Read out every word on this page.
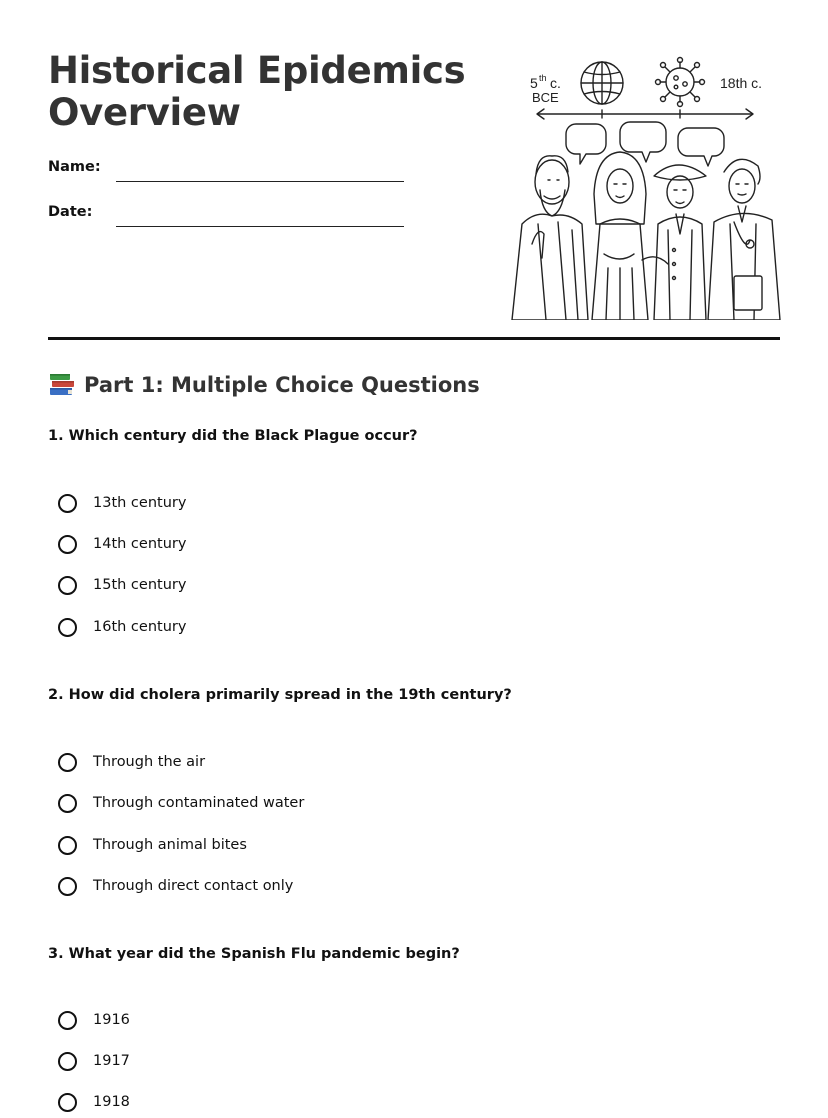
Historical Epidemics
Overview
Name:
Date:
5 th c.
BCE
18th c.
Part 1: Multiple Choice Questions

1. Which century did the Black Plague occur?

13th century
14th century
15th century
16th century

2. How did cholera primarily spread in the 19th century?

Through the air
Through contaminated water
Through animal bites
Through direct contact only

3. What year did the Spanish Flu pandemic begin?

1916
1917
1918
